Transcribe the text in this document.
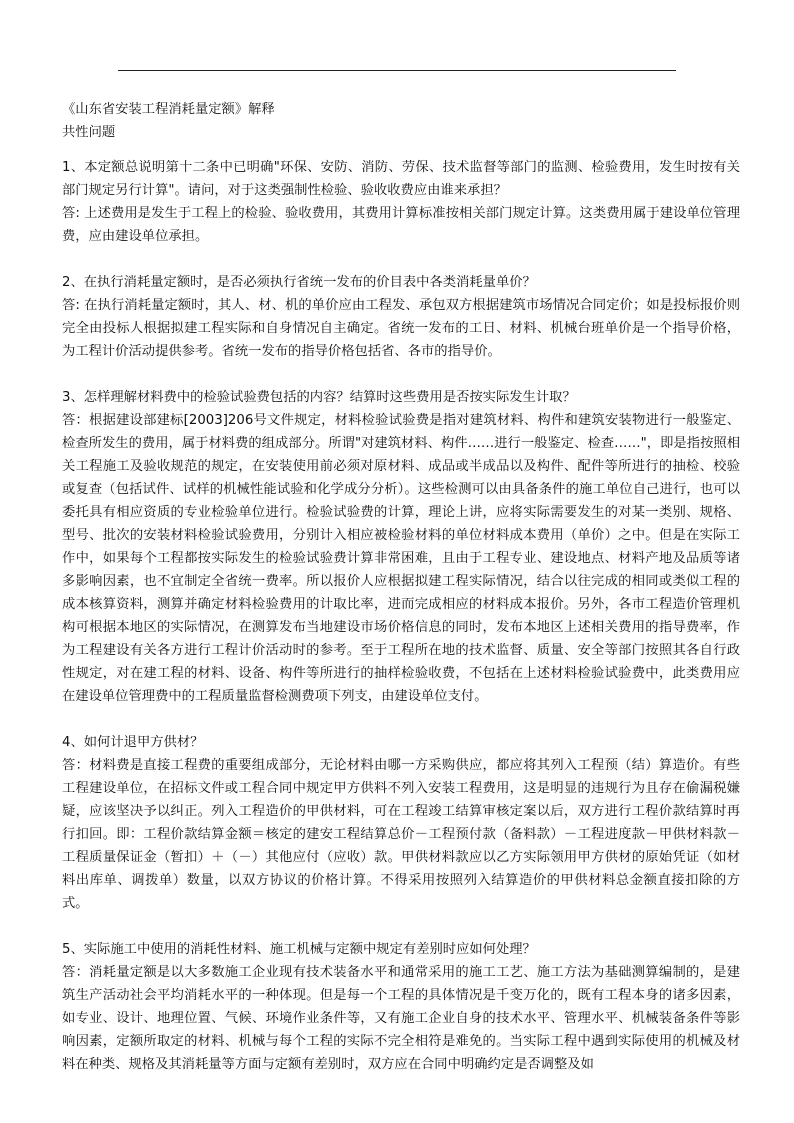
《山东省安装工程消耗量定额》解释

共性问题

1、本定额总说明第十二条中已明确"环保、安防、消防、劳保、技术监督等部门的监测、检验费用，发生时按有关部门规定另行计算"。请问，对于这类强制性检验、验收收费应由谁来承担？

答: 上述费用是发生于工程上的检验、验收费用，其费用计算标准按相关部门规定计算。这类费用属于建设单位管理费，应由建设单位承担。

2、在执行消耗量定额时，是否必须执行省统一发布的价目表中各类消耗量单价？

答: 在执行消耗量定额时，其人、材、机的单价应由工程发、承包双方根据建筑市场情况合同定价；如是投标报价则完全由投标人根据拟建工程实际和自身情况自主确定。省统一发布的工日、材料、机械台班单价是一个指导价格，为工程计价活动提供参考。省统一发布的指导价格包括省、各市的指导价。

3、怎样理解材料费中的检验试验费包括的内容？结算时这些费用是否按实际发生计取？

答：根据建设部建标[2003]206号文件规定，材料检验试验费是指对建筑材料、构件和建筑安装物进行一般鉴定、检查所发生的费用，属于材料费的组成部分。所谓"对建筑材料、构件……进行一般鉴定、检查……"，即是指按照相关工程施工及验收规范的规定，在安装使用前必须对原材料、成品或半成品以及构件、配件等所进行的抽检、校验或复查（包括试件、试样的机械性能试验和化学成分分析）。这些检测可以由具备条件的施工单位自己进行，也可以委托具有相应资质的专业检验单位进行。检验试验费的计算，理论上讲，应将实际需要发生的对某一类别、规格、型号、批次的安装材料检验试验费用，分别计入相应被检验材料的单位材料成本费用（单价）之中。但是在实际工作中，如果每个工程都按实际发生的检验试验费计算非常困难，且由于工程专业、建设地点、材料产地及品质等诸多影响因素，也不宜制定全省统一费率。所以报价人应根据拟建工程实际情况，结合以往完成的相同或类似工程的成本核算资料，测算并确定材料检验费用的计取比率，进而完成相应的材料成本报价。另外，各市工程造价管理机构可根据本地区的实际情况，在测算发布当地建设市场价格信息的同时，发布本地区上述相关费用的指导费率，作为工程建设有关各方进行工程计价活动时的参考。至于工程所在地的技术监督、质量、安全等部门按照其各自行政性规定，对在建工程的材料、设备、构件等所进行的抽样检验收费，不包括在上述材料检验试验费中，此类费用应在建设单位管理费中的工程质量监督检测费项下列支，由建设单位支付。

4、如何计退甲方供材？

答：材料费是直接工程费的重要组成部分，无论材料由哪一方采购供应，都应将其列入工程预（结）算造价。有些工程建设单位，在招标文件或工程合同中规定甲方供料不列入安装工程费用，这是明显的违规行为且存在偷漏税嫌疑，应该坚决予以纠正。列入工程造价的甲供材料，可在工程竣工结算审核定案以后，双方进行工程价款结算时再行扣回。即：工程价款结算金额＝核定的建安工程结算总价－工程预付款（备料款）－工程进度款－甲供材料款－工程质量保证金（暂扣）＋（－）其他应付（应收）款。甲供材料款应以乙方实际领用甲方供材的原始凭证（如材料出库单、调拨单）数量，以双方协议的价格计算。不得采用按照列入结算造价的甲供材料总金额直接扣除的方式。

5、实际施工中使用的消耗性材料、施工机械与定额中规定有差别时应如何处理？

答：消耗量定额是以大多数施工企业现有技术装备水平和通常采用的施工工艺、施工方法为基础测算编制的，是建筑生产活动社会平均消耗水平的一种体现。但是每一个工程的具体情况是千变万化的，既有工程本身的诸多因素，如专业、设计、地理位置、气候、环境作业条件等，又有施工企业自身的技术水平、管理水平、机械装备条件等影响因素，定额所取定的材料、机械与每个工程的实际不完全相符是难免的。当实际工程中遇到实际使用的机械及材料在种类、规格及其消耗量等方面与定额有差别时，双方应在合同中明确约定是否调整及如
